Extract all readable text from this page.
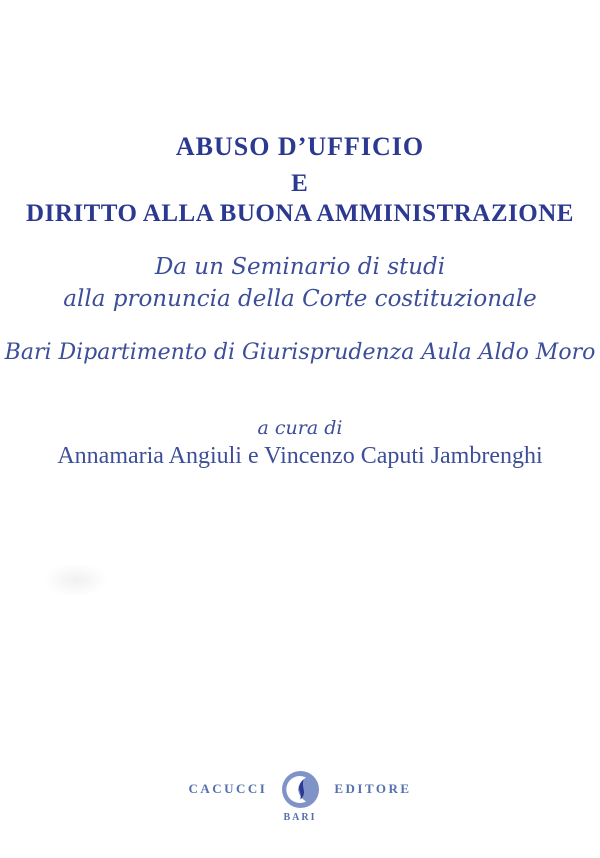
ABUSO D’UFFICIO
E
DIRITTO ALLA BUONA AMMINISTRAZIONE
Da un Seminario di studi
alla pronuncia della Corte costituzionale
Bari Dipartimento di Giurisprudenza Aula Aldo Moro
a cura di
Annamaria Angiuli e Vincenzo Caputi Jambrenghi
CACUCCI	EDITORE
BARI
